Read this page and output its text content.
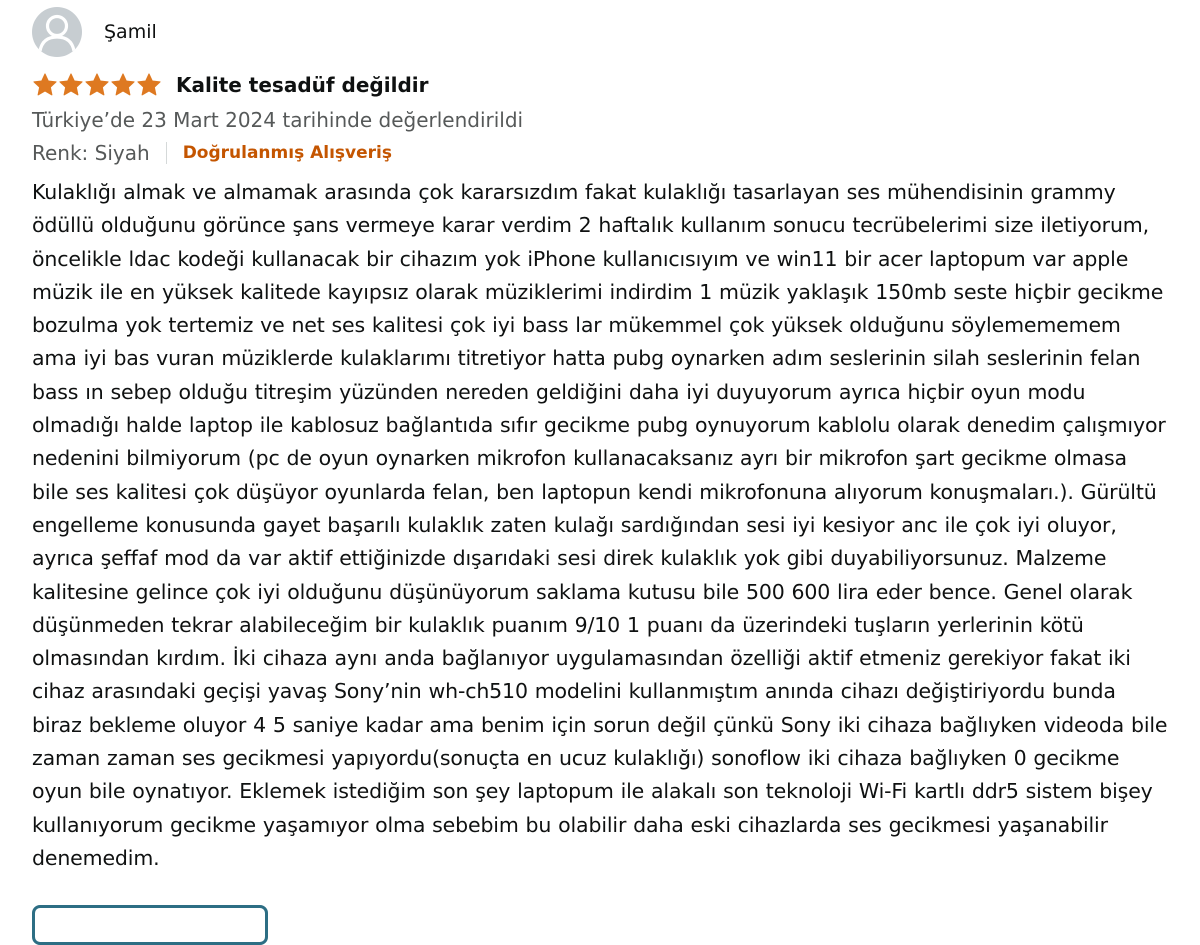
Şamil
Kalite tesadüf değildir
Türkiye’de 23 Mart 2024 tarihinde değerlendirildi
Renk: Siyah Doğrulanmış Alışveriş
Kulaklığı almak ve almamak arasında çok kararsızdım fakat kulaklığı tasarlayan ses mühendisinin grammy ödüllü olduğunu görünce şans vermeye karar verdim 2 haftalık kullanım sonucu tecrübelerimi size iletiyorum, öncelikle ldac kodeği kullanacak bir cihazım yok iPhone kullanıcısıyım ve win11 bir acer laptopum var apple müzik ile en yüksek kalitede kayıpsız olarak müziklerimi indirdim 1 müzik yaklaşık 150mb seste hiçbir gecikme bozulma yok tertemiz ve net ses kalitesi çok iyi bass lar mükemmel çok yüksek olduğunu söylemememem ama iyi bas vuran müziklerde kulaklarımı titretiyor hatta pubg oynarken adım seslerinin silah seslerinin felan bass ın sebep olduğu titreşim yüzünden nereden geldiğini daha iyi duyuyorum ayrıca hiçbir oyun modu olmadığı halde laptop ile kablosuz bağlantıda sıfır gecikme pubg oynuyorum kablolu olarak denedim çalışmıyor nedenini bilmiyorum (pc de oyun oynarken mikrofon kullanacaksanız ayrı bir mikrofon şart gecikme olmasa bile ses kalitesi çok düşüyor oyunlarda felan, ben laptopun kendi mikrofonuna alıyorum konuşmaları.). Gürültü engelleme konusunda gayet başarılı kulaklık zaten kulağı sardığından sesi iyi kesiyor anc ile çok iyi oluyor, ayrıca şeffaf mod da var aktif ettiğinizde dışarıdaki sesi direk kulaklık yok gibi duyabiliyorsunuz. Malzeme kalitesine gelince çok iyi olduğunu düşünüyorum saklama kutusu bile 500 600 lira eder bence. Genel olarak düşünmeden tekrar alabileceğim bir kulaklık puanım 9/10 1 puanı da üzerindeki tuşların yerlerinin kötü olmasından kırdım. İki cihaza aynı anda bağlanıyor uygulamasından özelliği aktif etmeniz gerekiyor fakat iki cihaz arasındaki geçişi yavaş Sony’nin wh-ch510 modelini kullanmıştım anında cihazı değiştiriyordu bunda biraz bekleme oluyor 4 5 saniye kadar ama benim için sorun değil çünkü Sony iki cihaza bağlıyken videoda bile zaman zaman ses gecikmesi yapıyordu(sonuçta en ucuz kulaklığı) sonoflow iki cihaza bağlıyken 0 gecikme oyun bile oynatıyor. Eklemek istediğim son şey laptopum ile alakalı son teknoloji Wi-Fi kartlı ddr5 sistem bişey kullanıyorum gecikme yaşamıyor olma sebebim bu olabilir daha eski cihazlarda ses gecikmesi yaşanabilir denemedim.
